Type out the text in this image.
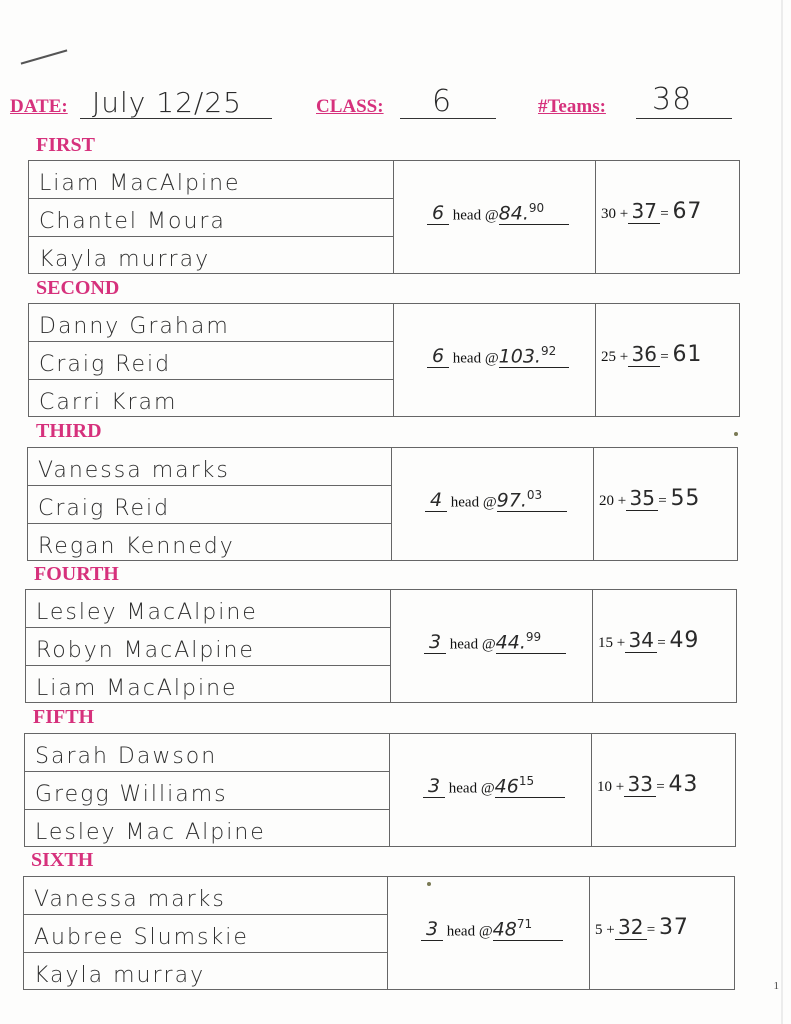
DATE: July 12/25	CLASS: 6	#Teams: 38
FIRST
Liam MacAlpine
Chantel Moura
Kayla murray
6 head @84.90	30 + 37 = 67
SECOND
Danny Graham
Craig Reid
Carri Kram
6 head @103.92	25 + 36 = 61
THIRD
Vanessa marks
Craig Reid
Regan Kennedy
4 head @97.03	20 + 35 = 55
FOURTH
Lesley MacAlpine
Robyn MacAlpine
Liam MacAlpine
3 head @44.99	15 + 34 = 49
FIFTH
Sarah Dawson
Gregg Williams
Lesley Mac Alpine
3 head $@46^{15}$	10 + 33 = 43
SIXTH
Vanessa marks
Aubree Slumskie
Kayla murray
3 head $@48^{71}$	5 + 32 = 37
1
